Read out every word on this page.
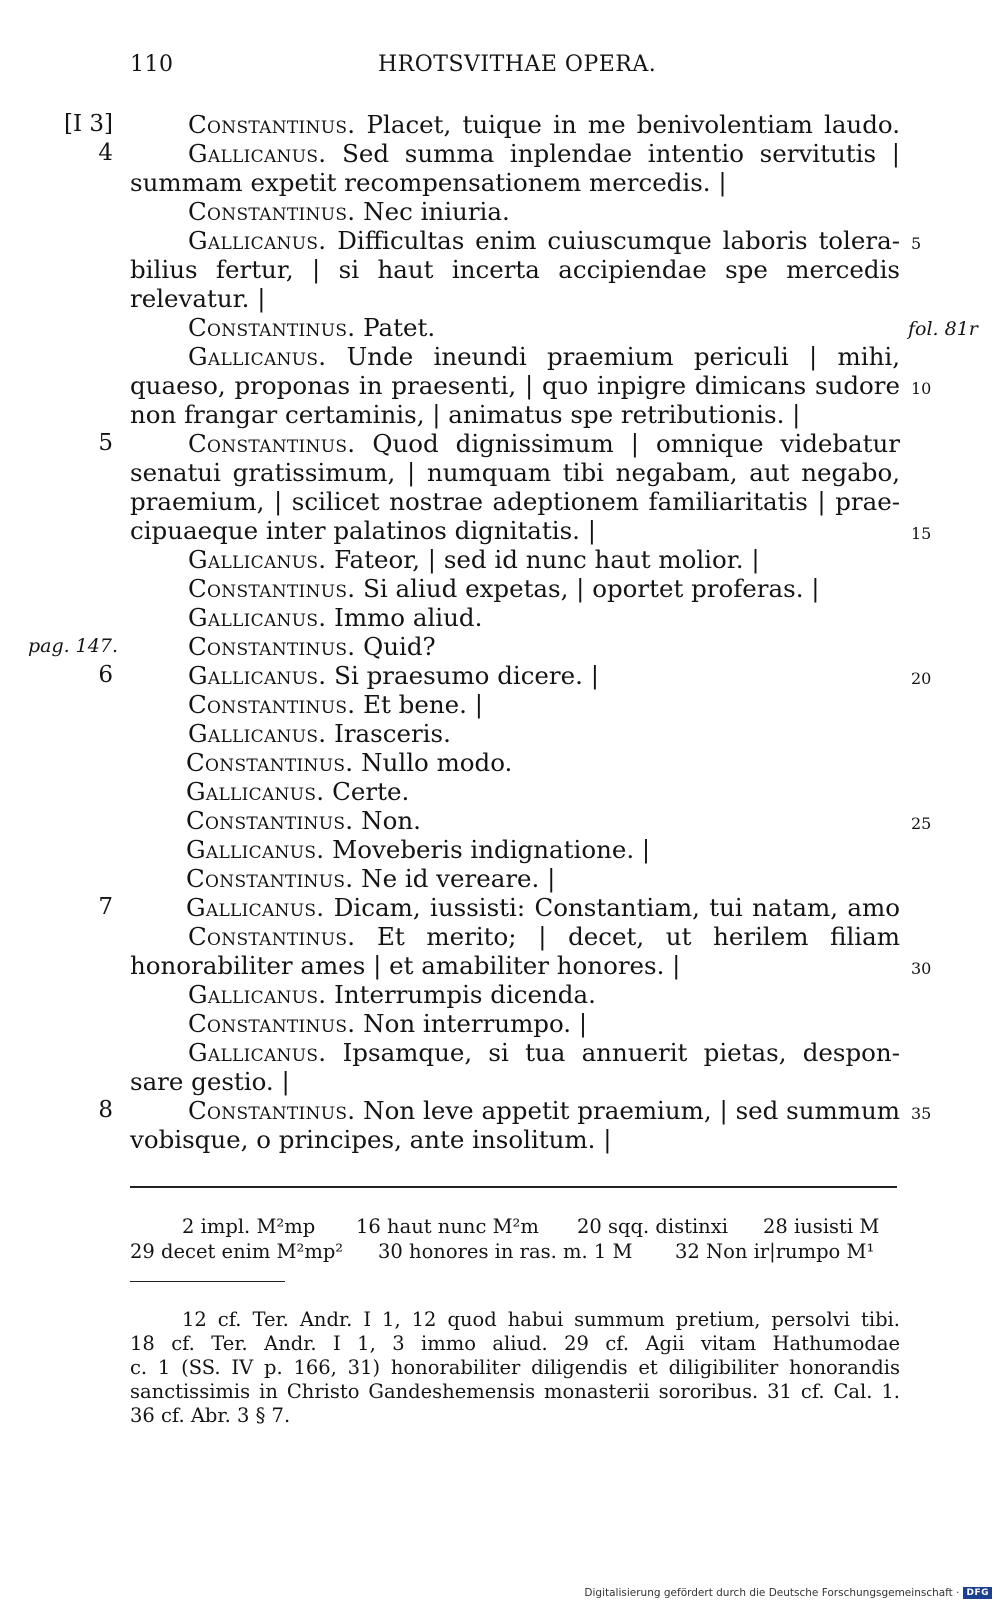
110	HROTSVITHAE OPERA.
Constantinus. Placet, tuique in me benivolentiam laudo.
[I 3]
Gallicanus. Sed summa inplendae intentio servitutis |
4
summam expetit recompensationem mercedis. |
Constantinus. Nec iniuria.
Gallicanus. Difficultas enim cuiuscumque laboris tolera- 5
bilius fertur, | si haut incerta accipiendae spe mercedis
relevatur. |
Constantinus. Patet.	fol. 81r
Gallicanus. Unde ineundi praemium periculi | mihi,
quaeso, proponas in praesenti, | quo inpigre dimicans sudore 10
non frangar certaminis, | animatus spe retributionis. |
Constantinus. Quod dignissimum | omnique videbatur
5
senatui gratissimum, | numquam tibi negabam, aut negabo,
praemium, | scilicet nostrae adeptionem familiaritatis | prae-
cipuaeque inter palatinos dignitatis. |	15
Gallicanus. Fateor, | sed id nunc haut molior. |
Constantinus. Si aliud expetas, | oportet proferas. |
Gallicanus. Immo aliud.
Constantinus. Quid?
pag. 147.
Gallicanus. Si praesumo dicere. |
6	20
Constantinus. Et bene. |
Gallicanus. Irasceris.
Constantinus. Nullo modo.
Gallicanus. Certe.
Constantinus. Non.	25
Gallicanus. Moveberis indignatione. |
Constantinus. Ne id vereare. |
Gallicanus. Dicam, iussisti: Constantiam, tui natam, amo
7
Constantinus. Et merito; | decet, ut herilem filiam
honorabiliter ames | et amabiliter honores. |	30
Gallicanus. Interrumpis dicenda.
Constantinus. Non interrumpo. |
Gallicanus. Ipsamque, si tua annuerit pietas, despon-
sare gestio. |
Constantinus. Non leve appetit praemium, | sed summum
8	35
vobisque, o principes, ante insolitum. |
2 impl. M²mp 16 haut nunc M²m 20 sqq. distinxi 28 iusisti M
29 decet enim M²mp² 30 honores in ras. m. 1 M 32 Non ir|rumpo M¹
12 cf. Ter. Andr. I 1, 12 quod habui summum pretium, persolvi tibi.
18 cf. Ter. Andr. I 1, 3 immo aliud. 29 cf. Agii vitam Hathumodae
c. 1 (SS. IV p. 166, 31) honorabiliter diligendis et diligibiliter honorandis
sanctissimis in Christo Gandeshemensis monasterii sororibus. 31 cf. Cal. 1.
36 cf. Abr. 3 § 7.
Digitalisierung gefördert durch die Deutsche Forschungsgemeinschaft · DFG
